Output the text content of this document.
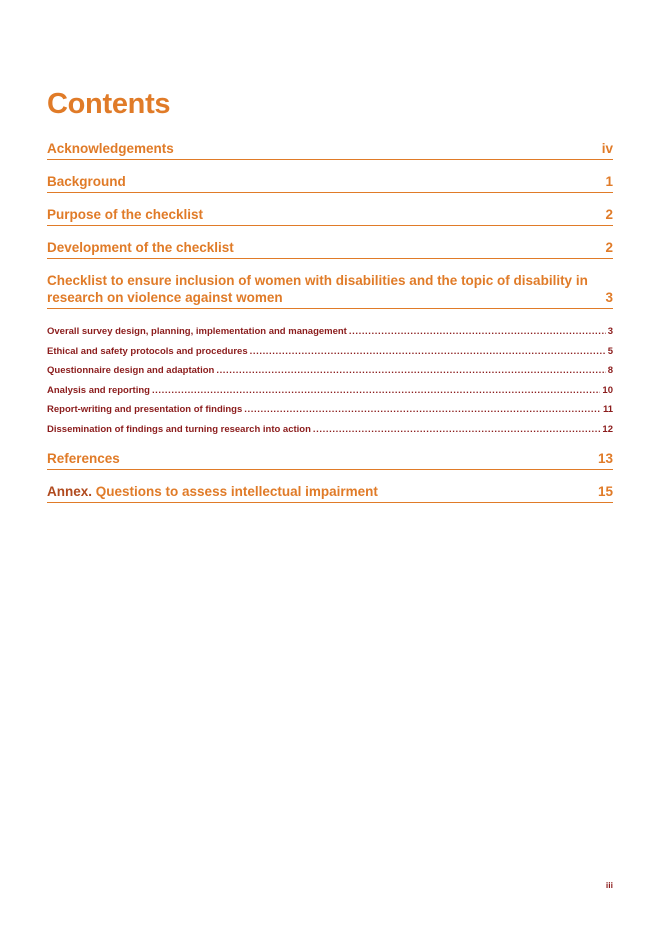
Contents
Acknowledgements	iv
Background	1
Purpose of the checklist	2
Development of the checklist	2
Checklist to ensure inclusion of women with disabilities and the topic of disability in research on violence against women	3
Overall survey design, planning, implementation and management .....	3
Ethical and safety protocols and procedures .....	5
Questionnaire design and adaptation .....	8
Analysis and reporting .....	10
Report-writing and presentation of findings .....	11
Dissemination of findings and turning research into action .....	12
References	13
Annex. Questions to assess intellectual impairment	15
iii
